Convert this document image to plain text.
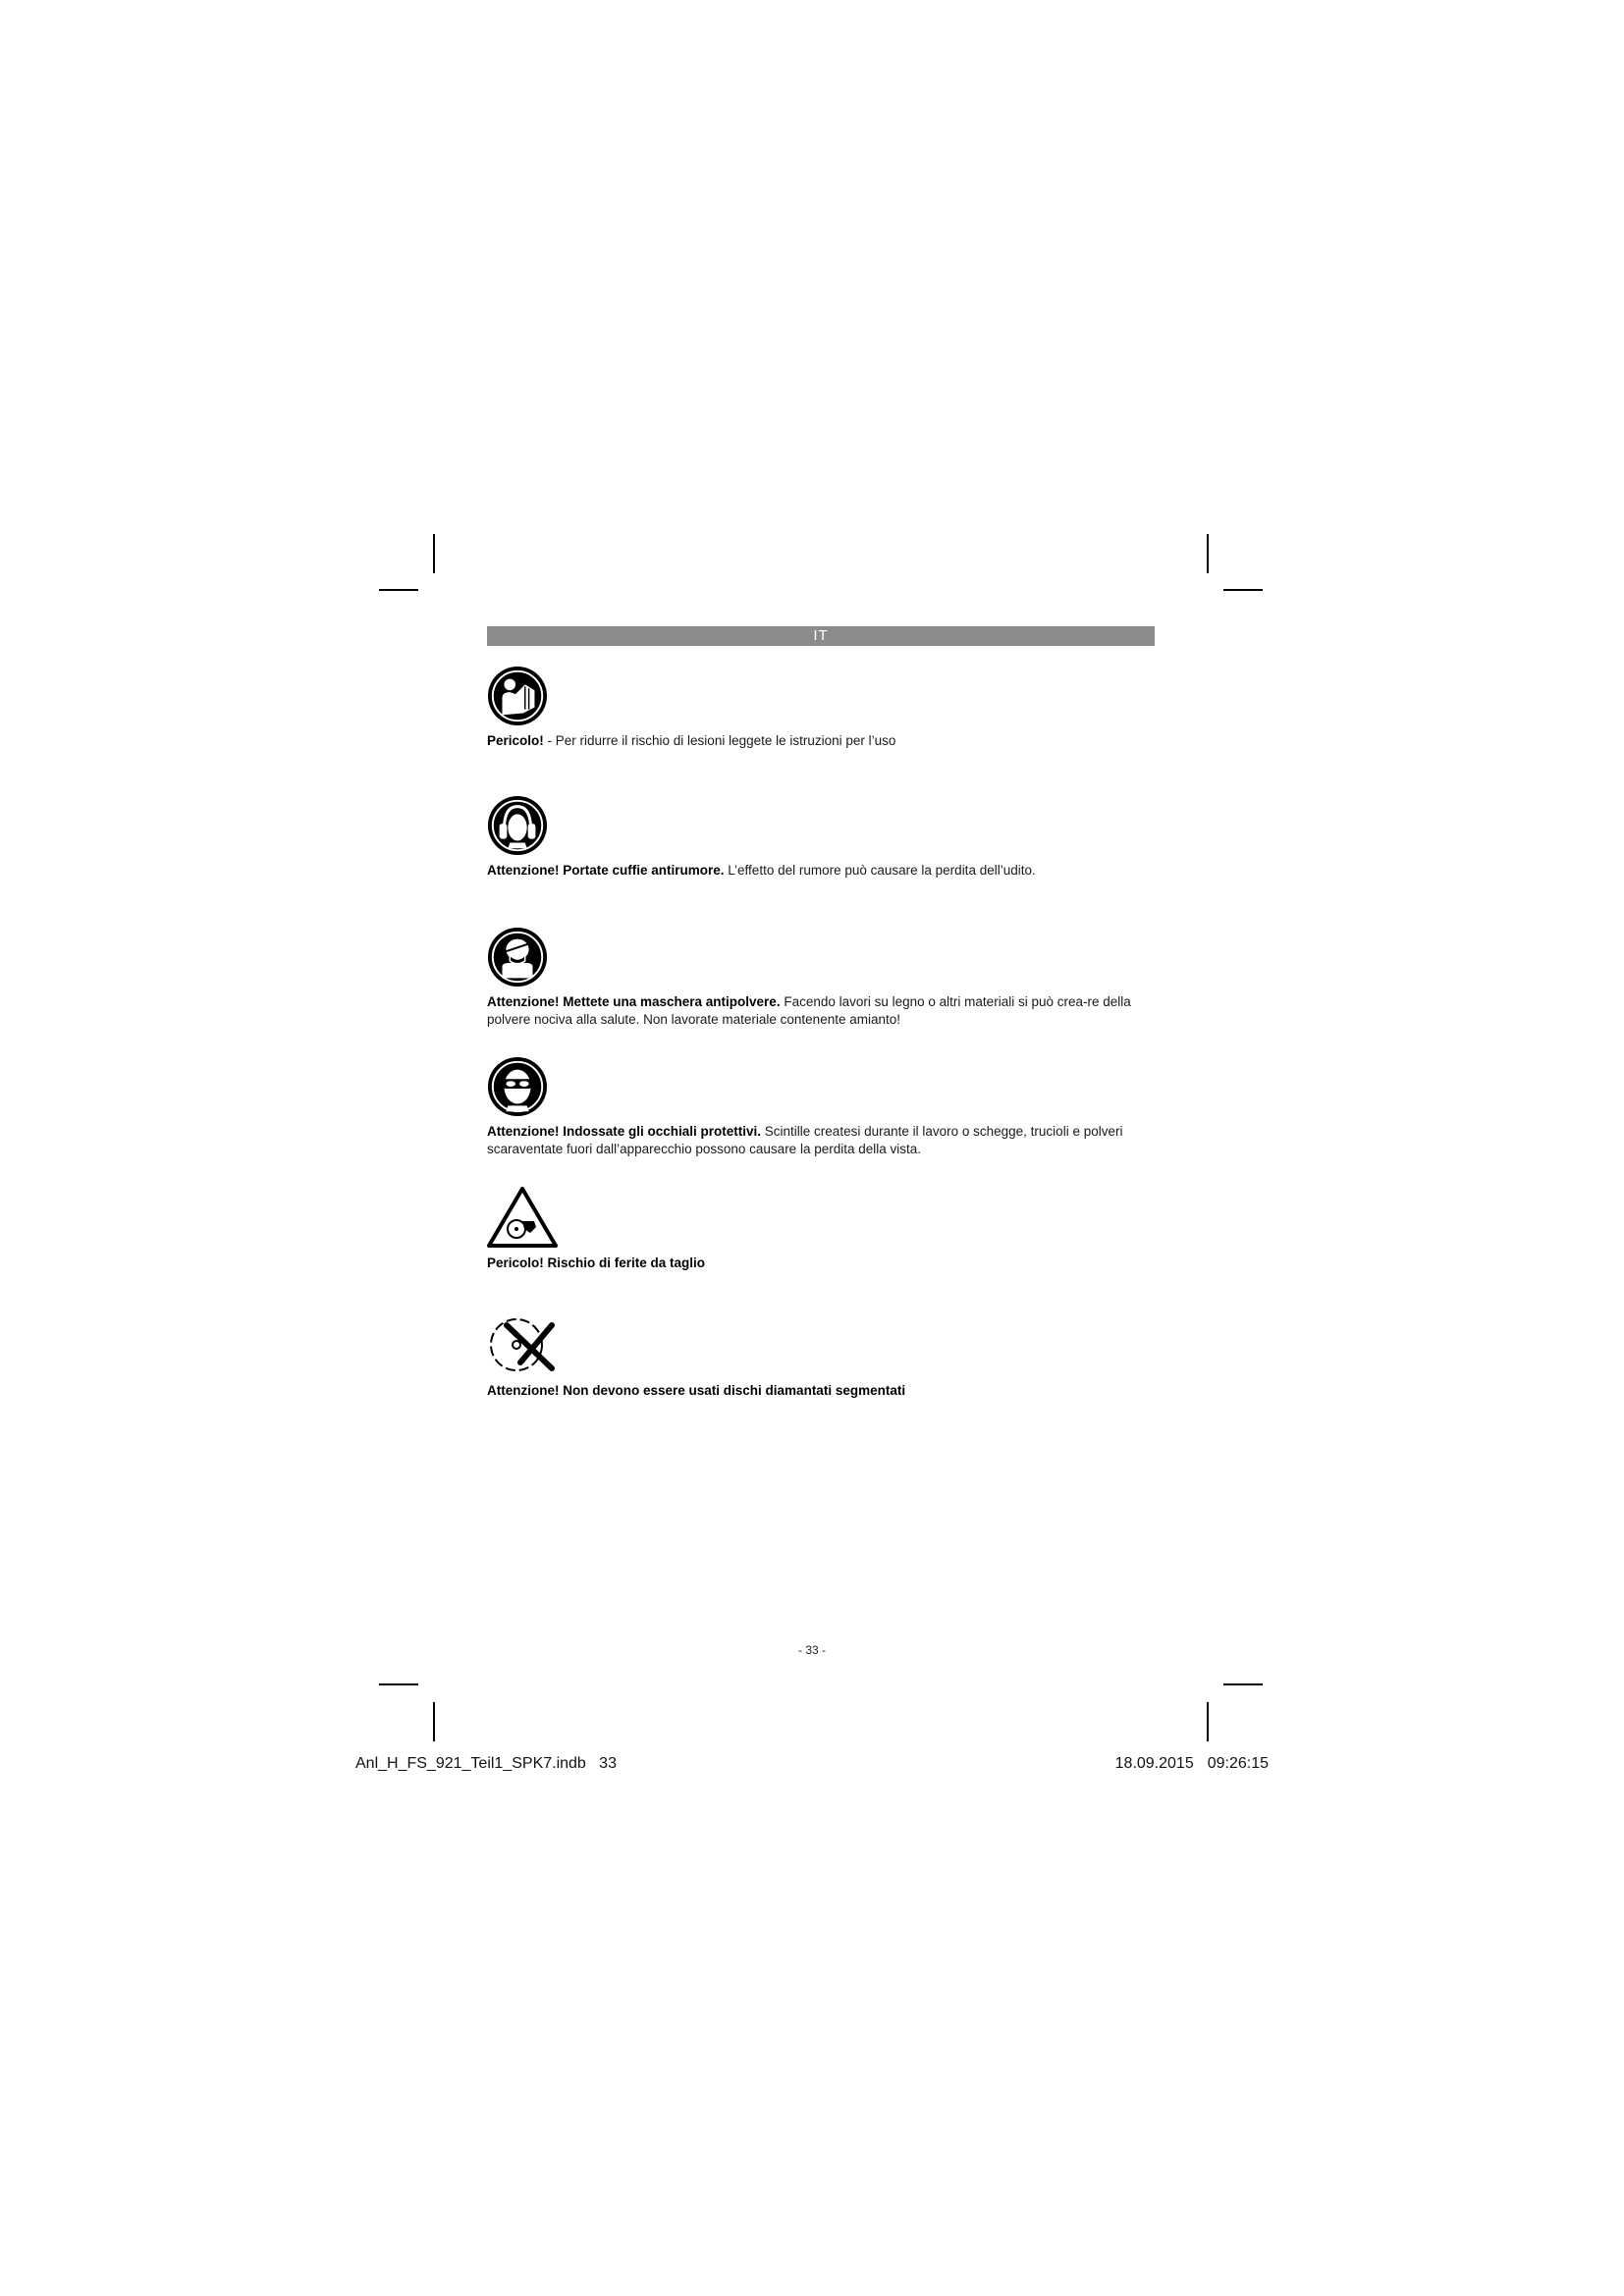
IT

Pericolo! - Per ridurre il rischio di lesioni leggete le istruzioni per l’uso

Attenzione! Portate cuffie antirumore. L’effetto del rumore può causare la perdita dell’udito.

Attenzione! Mettete una maschera antipolvere. Facendo lavori su legno o altri materiali si può crea-re della polvere nociva alla salute. Non lavorate materiale contenente amianto!

Attenzione! Indossate gli occhiali protettivi. Scintille createsi durante il lavoro o schegge, trucioli e polveri scaraventate fuori dall’apparecchio possono causare la perdita della vista.

Pericolo! Rischio di ferite da taglio

Attenzione! Non devono essere usati dischi diamantati segmentati

- 33 -
Anl_H_FS_921_Teil1_SPK7.indb   33	18.09.2015 09:26:15
